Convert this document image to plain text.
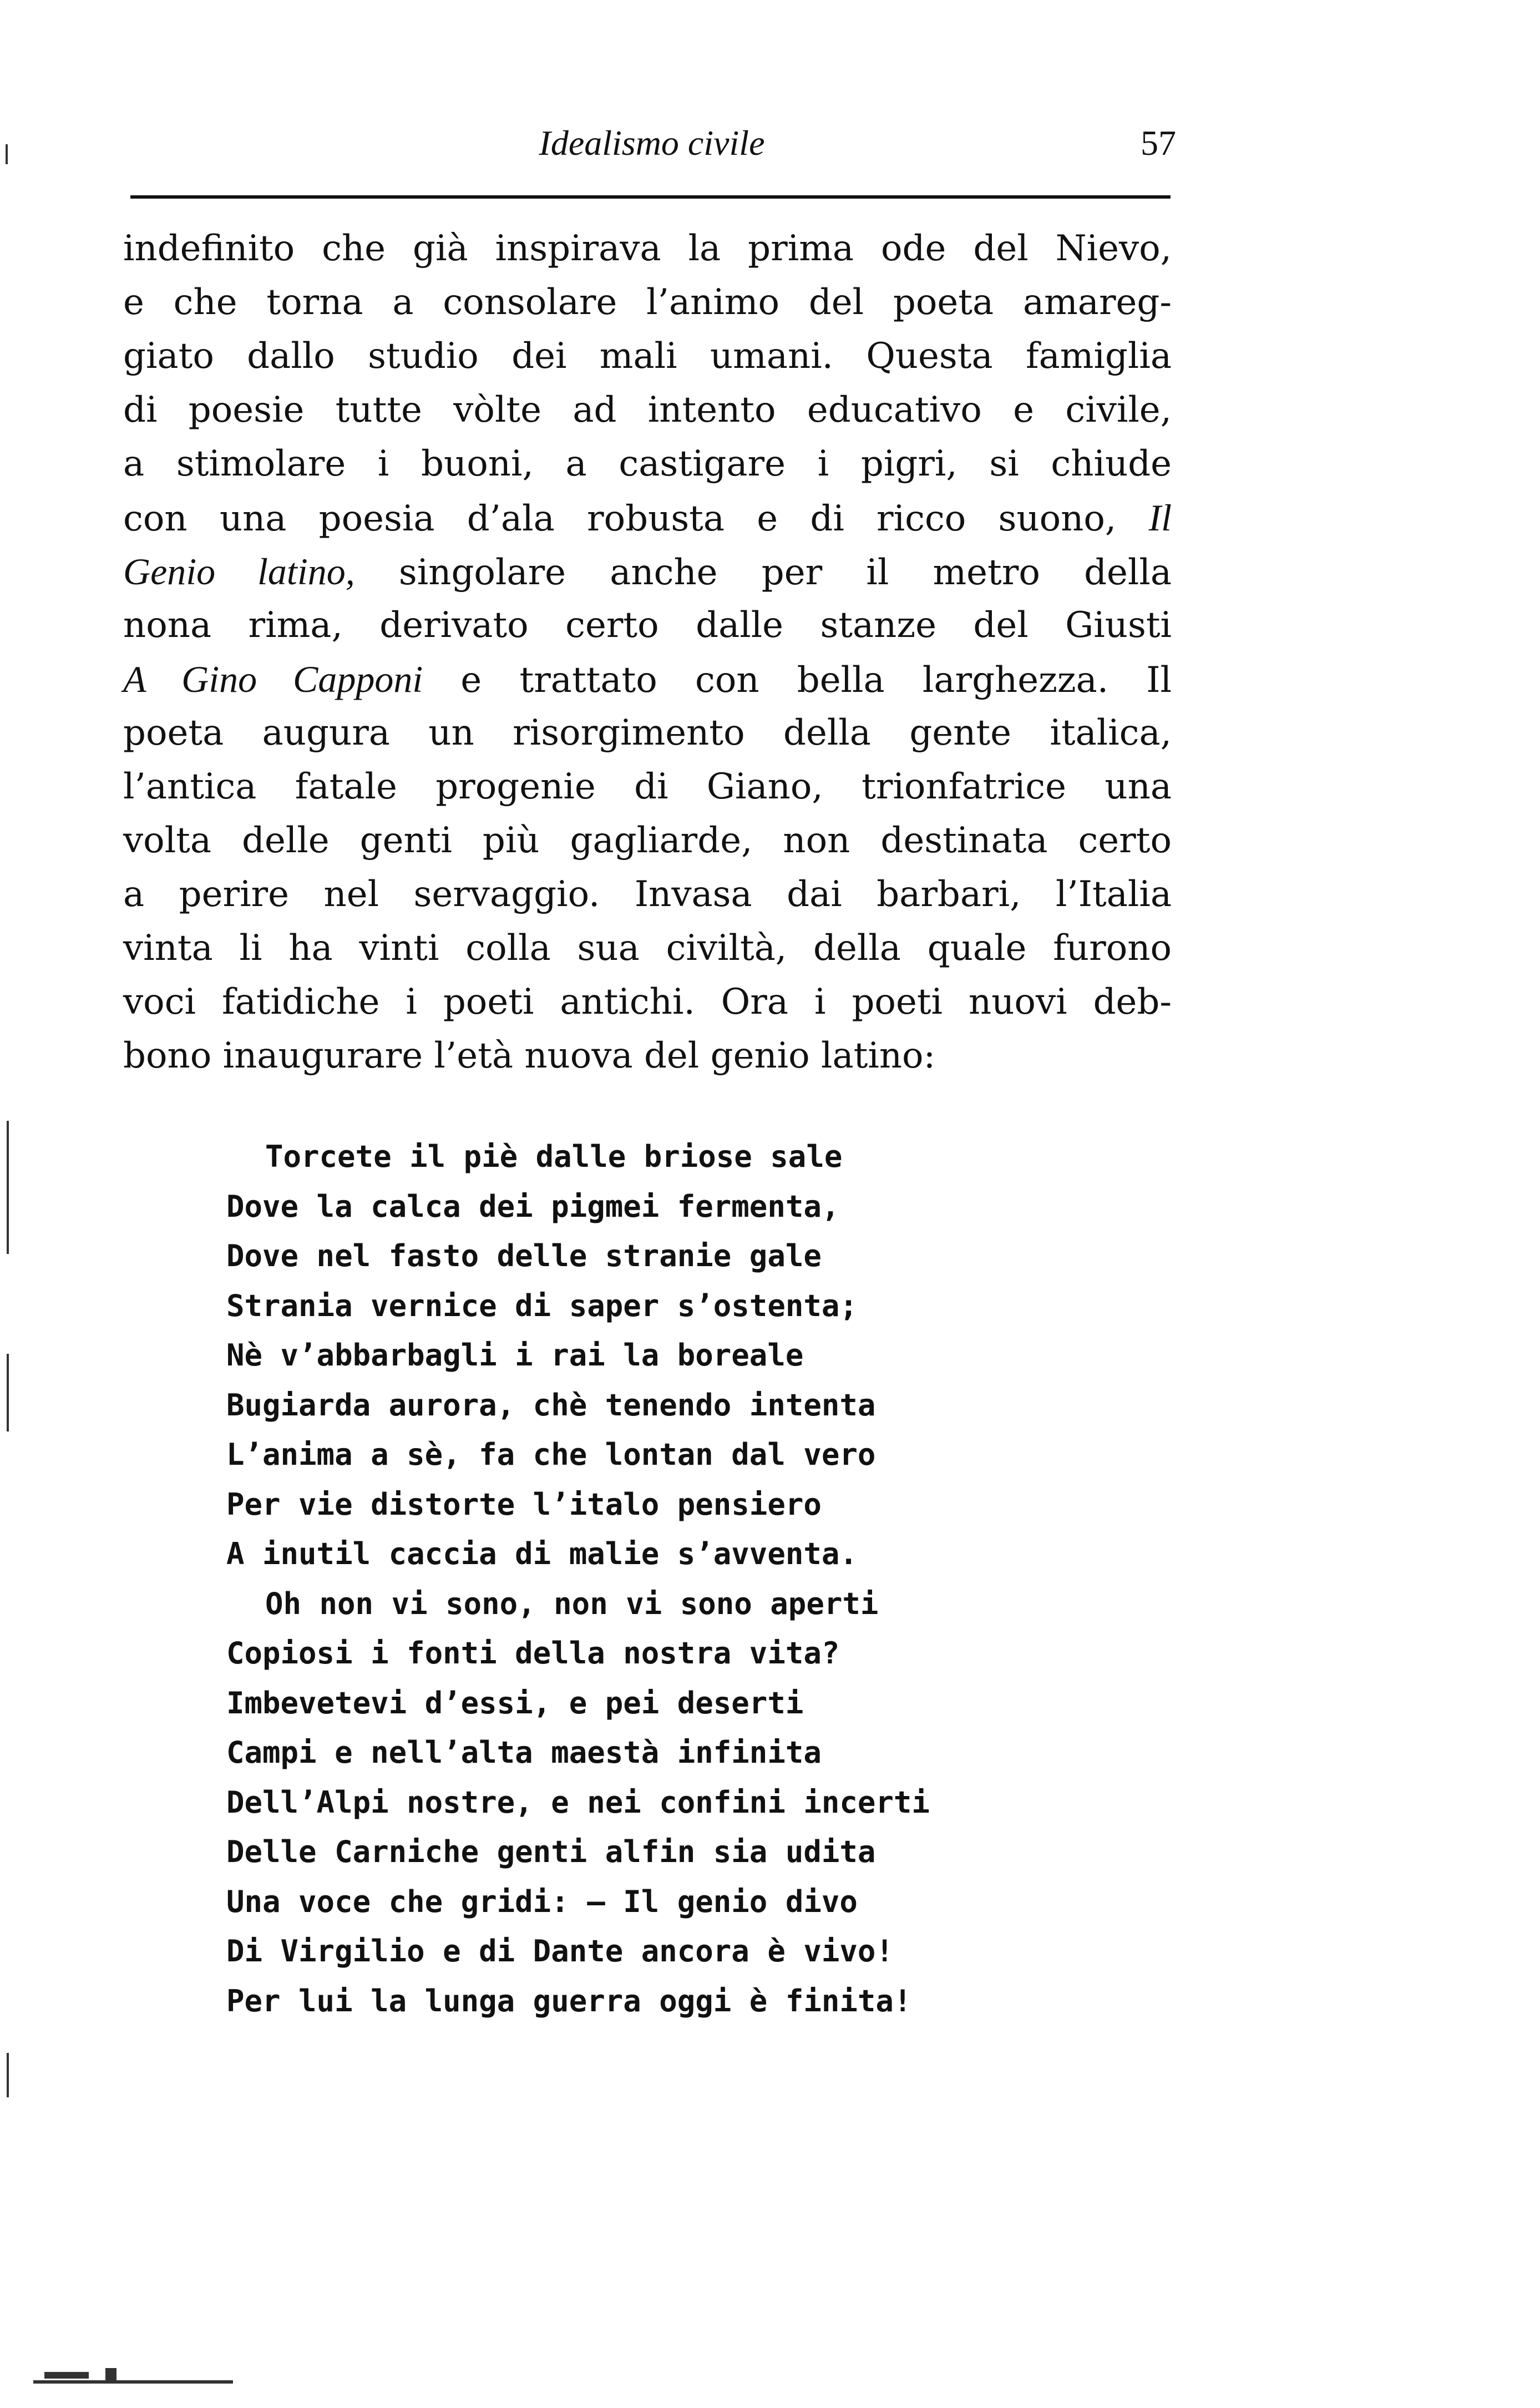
Idealismo civile	57
indefinito che già inspirava la prima ode del Nievo,
e che torna a consolare l’animo del poeta amareg-
giato dallo studio dei mali umani. Questa famiglia
di poesie tutte vòlte ad intento educativo e civile,
a stimolare i buoni, a castigare i pigri, si chiude
con una poesia d’ala robusta e di ricco suono, Il
Genio latino, singolare anche per il metro della
nona rima, derivato certo dalle stanze del Giusti
A Gino Capponi e trattato con bella larghezza. Il
poeta augura un risorgimento della gente italica,
l’antica fatale progenie di Giano, trionfatrice una
volta delle genti più gagliarde, non destinata certo
a perire nel servaggio. Invasa dai barbari, l’Italia
vinta li ha vinti colla sua civiltà, della quale furono
voci fatidiche i poeti antichi. Ora i poeti nuovi deb-
bono inaugurare l’età nuova del genio latino:
Torcete il piè dalle briose sale
Dove la calca dei pigmei fermenta,
Dove nel fasto delle stranie gale
Strania vernice di saper s’ostenta;
Nè v’abbarbagli i rai la boreale
Bugiarda aurora, chè tenendo intenta
L’anima a sè, fa che lontan dal vero
Per vie distorte l’italo pensiero
A inutil caccia di malie s’avventa.
Oh non vi sono, non vi sono aperti
Copiosi i fonti della nostra vita?
Imbevetevi d’essi, e pei deserti
Campi e nell’alta maestà infinita
Dell’Alpi nostre, e nei confini incerti
Delle Carniche genti alfin sia udita
Una voce che gridi: — Il genio divo
Di Virgilio e di Dante ancora è vivo!
Per lui la lunga guerra oggi è finita!
